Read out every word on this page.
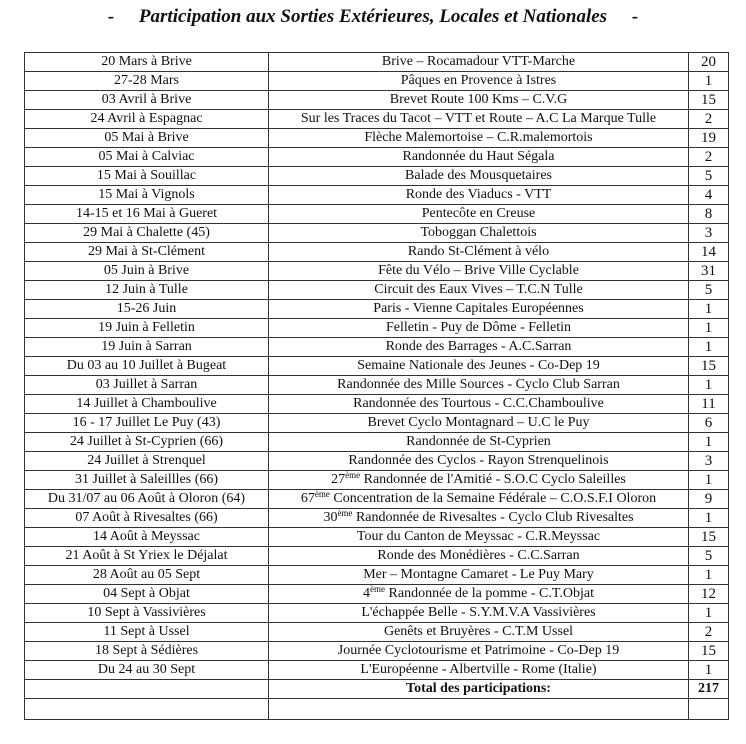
- Participation aux Sorties Extérieures, Locales et Nationales -
20 Mars à Brive	Brive – Rocamadour VTT-Marche	20
27-28 Mars	Pâques en Provence à Istres	1
03 Avril à Brive	Brevet Route 100 Kms – C.V.G	15
24 Avril à Espagnac	Sur les Traces du Tacot – VTT et Route – A.C La Marque Tulle	2
05 Mai à Brive	Flèche Malemortoise – C.R.malemortois	19
05 Mai à Calviac	Randonnée du Haut Ségala	2
15 Mai à Souillac	Balade des Mousquetaires	5
15 Mai à Vignols	Ronde des Viaducs - VTT	4
14-15 et 16 Mai à Gueret	Pentecôte en Creuse	8
29 Mai à Chalette (45)	Toboggan Chalettois	3
29 Mai à St-Clément	Rando St-Clément à vélo	14
05 Juin à Brive	Fête du Vélo – Brive Ville Cyclable	31
12 Juin à Tulle	Circuit des Eaux Vives – T.C.N Tulle	5
15-26 Juin	Paris - Vienne Capitales Européennes	1
19 Juin à Felletin	Felletin - Puy de Dôme - Felletin	1
19 Juin à Sarran	Ronde des Barrages - A.C.Sarran	1
Du 03 au 10 Juillet à Bugeat	Semaine Nationale des Jeunes - Co-Dep 19	15
03 Juillet à Sarran	Randonnée des Mille Sources - Cyclo Club Sarran	1
14 Juillet à Chamboulive	Randonnée des Tourtous - C.C.Chamboulive	11
16 - 17 Juillet Le Puy (43)	Brevet Cyclo Montagnard – U.C le Puy	6
24 Juillet à St-Cyprien (66)	Randonnée de St-Cyprien	1
24 Juillet à Strenquel	Randonnée des Cyclos - Rayon Strenquelinois	3
31 Juillet à Saleillles (66)	27ème Randonnée de l'Amitié - S.O.C Cyclo Saleilles	1
Du 31/07 au 06 Août à Oloron (64)	67ème Concentration de la Semaine Fédérale – C.O.S.F.I Oloron	9
07 Août à Rivesaltes (66)	30ème Randonnée de Rivesaltes - Cyclo Club Rivesaltes	1
14 Août à Meyssac	Tour du Canton de Meyssac - C.R.Meyssac	15
21 Août à St Yriex le Déjalat	Ronde des Monédières - C.C.Sarran	5
28 Août au 05 Sept	Mer – Montagne Camaret - Le Puy Mary	1
04 Sept à Objat	4ème Randonnée de la pomme - C.T.Objat	12
10 Sept à Vassivières	L'échappée Belle - S.Y.M.V.A Vassivières	1
11 Sept à Ussel	Genêts et Bruyères - C.T.M Ussel	2
18 Sept à Sédières	Journée Cyclotourisme et Patrimoine - Co-Dep 19	15
Du 24 au 30 Sept	L'Européenne - Albertville - Rome (Italie)	1
	Total des participations:	217
